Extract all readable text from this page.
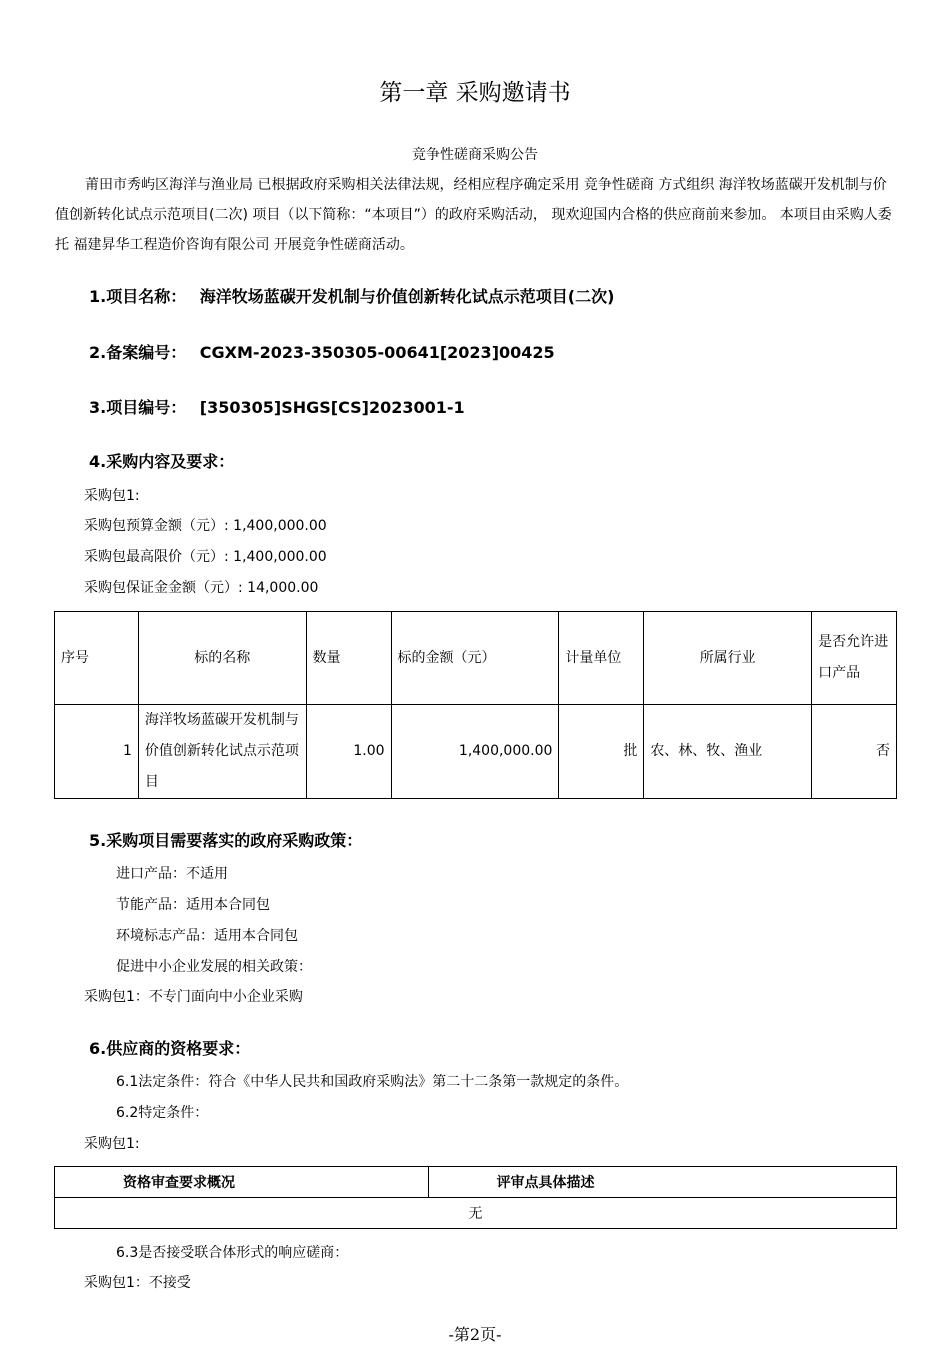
第一章 采购邀请书
竞争性磋商采购公告
莆田市秀屿区海洋与渔业局 已根据政府采购相关法律法规，经相应程序确定采用 竞争性磋商 方式组织 海洋牧场蓝碳开发机制与价值创新转化试点示范项目(二次) 项目（以下简称：“本项目”）的政府采购活动， 现欢迎国内合格的供应商前来参加。 本项目由采购人委托 福建昇华工程造价咨询有限公司 开展竞争性磋商活动。
1.项目名称： 海洋牧场蓝碳开发机制与价值创新转化试点示范项目(二次)
2.备案编号： CGXM-2023-350305-00641[2023]00425
3.项目编号： [350305]SHGS[CS]2023001-1
4.采购内容及要求：
采购包1:
采购包预算金额（元）: 1,400,000.00
采购包最高限价（元）: 1,400,000.00
采购包保证金金额（元）: 14,000.00
序号	标的名称	数量	标的金额（元）	计量单位	所属行业	是否允许进口产品
1	海洋牧场蓝碳开发机制与价值创新转化试点示范项目	1.00	1,400,000.00	批	农、林、牧、渔业	否
5.采购项目需要落实的政府采购政策：
进口产品：不适用
节能产品：适用本合同包
环境标志产品：适用本合同包
促进中小企业发展的相关政策：
采购包1：不专门面向中小企业采购
6.供应商的资格要求：
6.1法定条件：符合《中华人民共和国政府采购法》第二十二条第一款规定的条件。
6.2特定条件：
采购包1:
资格审查要求概况	评审点具体描述
无
6.3是否接受联合体形式的响应磋商：
采购包1：不接受
-第2页-
